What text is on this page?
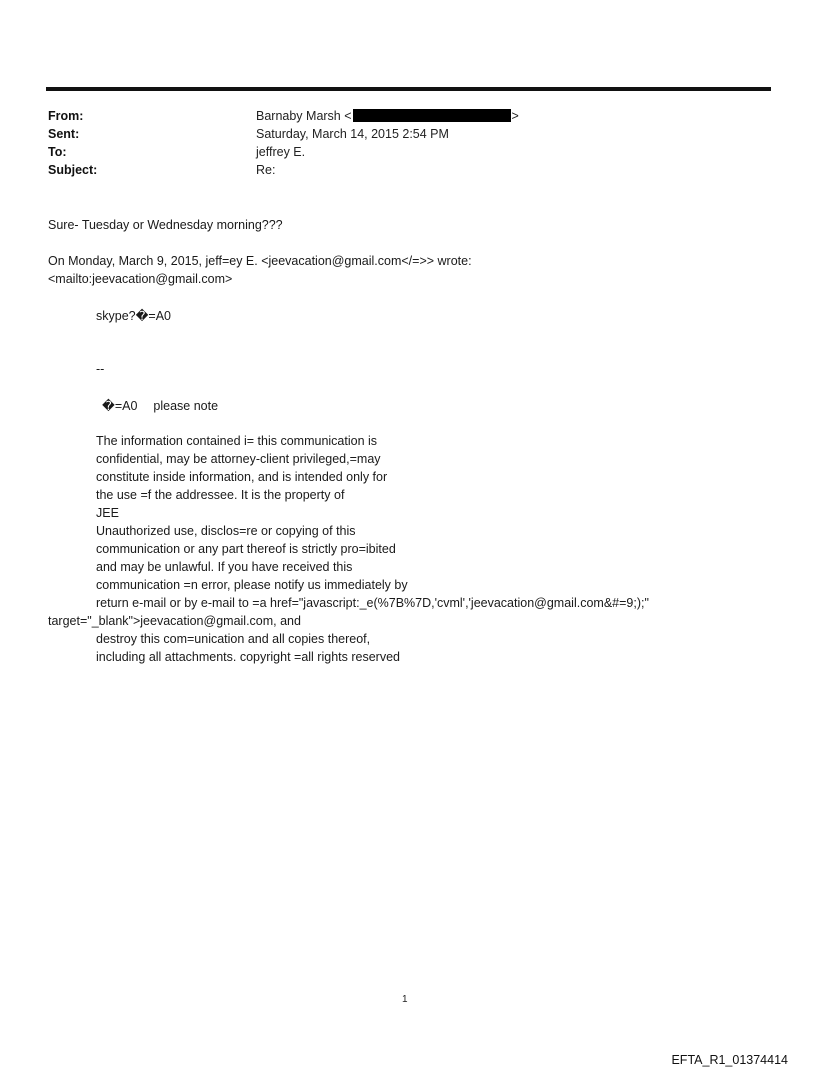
From:	Barnaby Marsh <	>
Sent:	Saturday, March 14, 2015 2:54 PM
To:	jeffrey E.
Subject:	Re:
Sure- Tuesday or Wednesday morning???
On Monday, March 9, 2015, jeff=ey E. <jeevacation@gmail.com</=>> wrote:
<mailto:jeevacation@gmail.com>
skype?�=A0
--
�=A0 please note
The information contained i= this communication is
confidential, may be attorney-client privileged,=may
constitute inside information, and is intended only for
the use =f the addressee. It is the property of
JEE
Unauthorized use, disclos=re or copying of this
communication or any part thereof is strictly pro=ibited
and may be unlawful. If you have received this
communication =n error, please notify us immediately by
return e-mail or by e-mail to =a href="javascript:_e(%7B%7D,'cvml','jeevacation@gmail.com&#=9;);"
target="_blank">jeevacation@gmail.com, and
destroy this com=unication and all copies thereof,
including all attachments. copyright =all rights reserved
1
EFTA_R1_01374414
